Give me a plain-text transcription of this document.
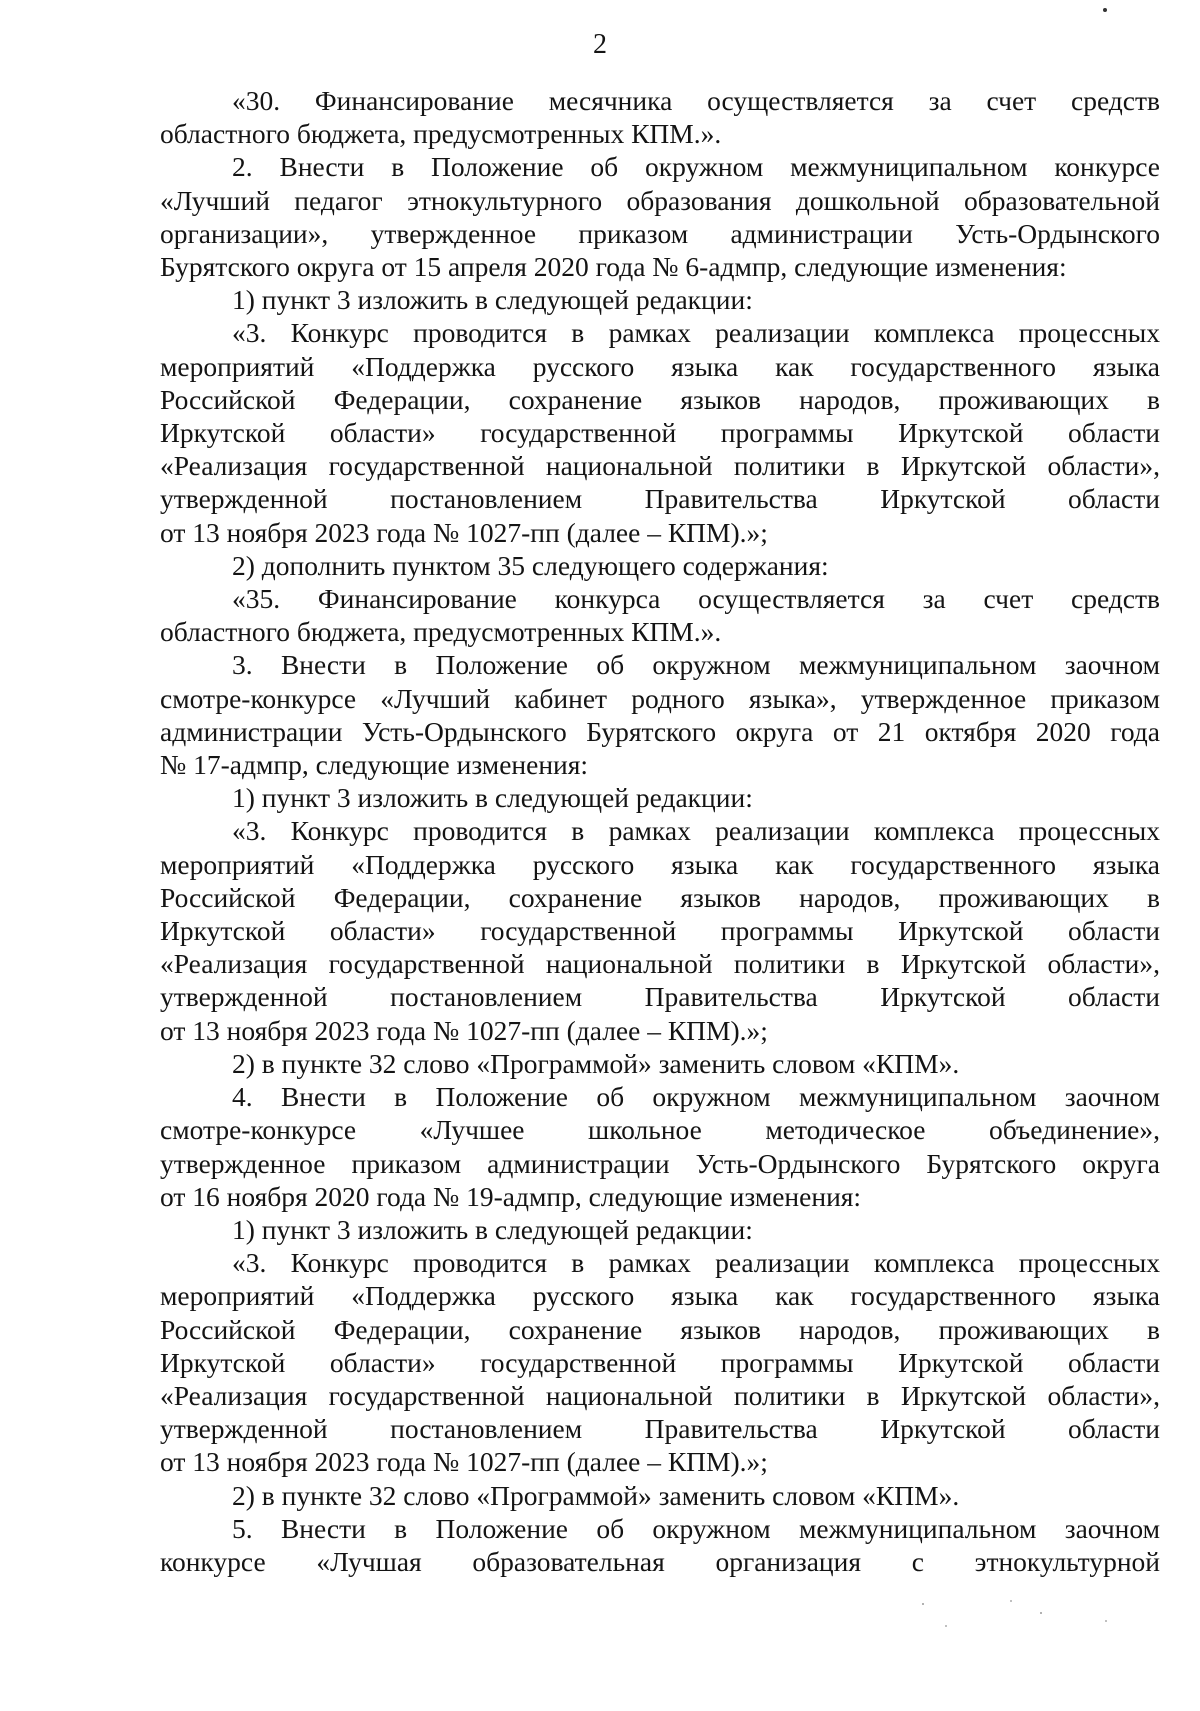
2
«30. Финансирование месячника осуществляется за счет средств
областного бюджета, предусмотренных КПМ.».
2. Внести в Положение об окружном межмуниципальном конкурсе
«Лучший педагог этнокультурного образования дошкольной образовательной
организации», утвержденное приказом администрации Усть-Ордынского
Бурятского округа от 15 апреля 2020 года № 6-адмпр, следующие изменения:
1) пункт 3 изложить в следующей редакции:
«3. Конкурс проводится в рамках реализации комплекса процессных
мероприятий «Поддержка русского языка как государственного языка
Российской Федерации, сохранение языков народов, проживающих в
Иркутской области» государственной программы Иркутской области
«Реализация государственной национальной политики в Иркутской области»,
утвержденной постановлением Правительства Иркутской области
от 13 ноября 2023 года № 1027-пп (далее – КПМ).»;
2) дополнить пунктом 35 следующего содержания:
«35. Финансирование конкурса осуществляется за счет средств
областного бюджета, предусмотренных КПМ.».
3. Внести в Положение об окружном межмуниципальном заочном
смотре-конкурсе «Лучший кабинет родного языка», утвержденное приказом
администрации Усть-Ордынского Бурятского округа от 21 октября 2020 года
№ 17-адмпр, следующие изменения:
1) пункт 3 изложить в следующей редакции:
«3. Конкурс проводится в рамках реализации комплекса процессных
мероприятий «Поддержка русского языка как государственного языка
Российской Федерации, сохранение языков народов, проживающих в
Иркутской области» государственной программы Иркутской области
«Реализация государственной национальной политики в Иркутской области»,
утвержденной постановлением Правительства Иркутской области
от 13 ноября 2023 года № 1027-пп (далее – КПМ).»;
2) в пункте 32 слово «Программой» заменить словом «КПМ».
4. Внести в Положение об окружном межмуниципальном заочном
смотре-конкурсе «Лучшее школьное методическое объединение»,
утвержденное приказом администрации Усть-Ордынского Бурятского округа
от 16 ноября 2020 года № 19-адмпр, следующие изменения:
1) пункт 3 изложить в следующей редакции:
«3. Конкурс проводится в рамках реализации комплекса процессных
мероприятий «Поддержка русского языка как государственного языка
Российской Федерации, сохранение языков народов, проживающих в
Иркутской области» государственной программы Иркутской области
«Реализация государственной национальной политики в Иркутской области»,
утвержденной постановлением Правительства Иркутской области
от 13 ноября 2023 года № 1027-пп (далее – КПМ).»;
2) в пункте 32 слово «Программой» заменить словом «КПМ».
5. Внести в Положение об окружном межмуниципальном заочном
конкурсе «Лучшая образовательная организация с этнокультурной
